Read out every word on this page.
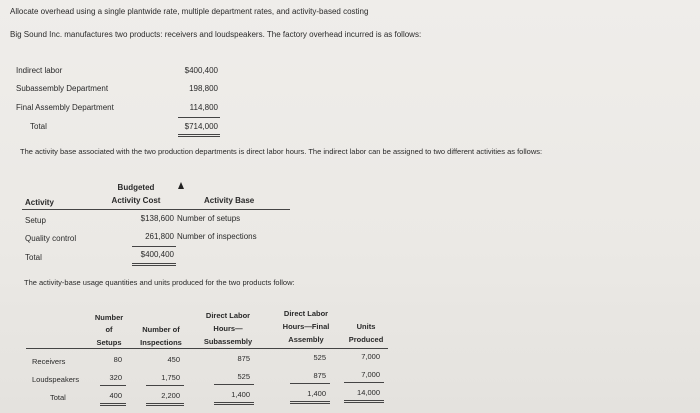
Allocate overhead using a single plantwide rate, multiple department rates, and activity-based costing
Big Sound Inc. manufactures two products: receivers and loudspeakers. The factory overhead incurred is as follows:
Indirect labor	$400,400
Subassembly Department	198,800
Final Assembly Department	114,800
Total	$714,000
The activity base associated with the two production departments is direct labor hours. The indirect labor can be assigned to two different activities as follows:
Budgeted
Activity	Activity Cost	Activity Base
Setup	$138,600 Number of setups
Quality control	261,800 Number of inspections
Total	$400,400
The activity-base usage quantities and units produced for the two products follow:
Number
of
Setups
Number of
Inspections
Direct Labor
Hours—
Subassembly
Direct Labor
Hours—Final
Assembly
Units
Produced
Receivers	80	450	875	525	7,000
Loudspeakers	320	1,750	525	875	7,000
Total	400	2,200	1,400	1,400	14,000
